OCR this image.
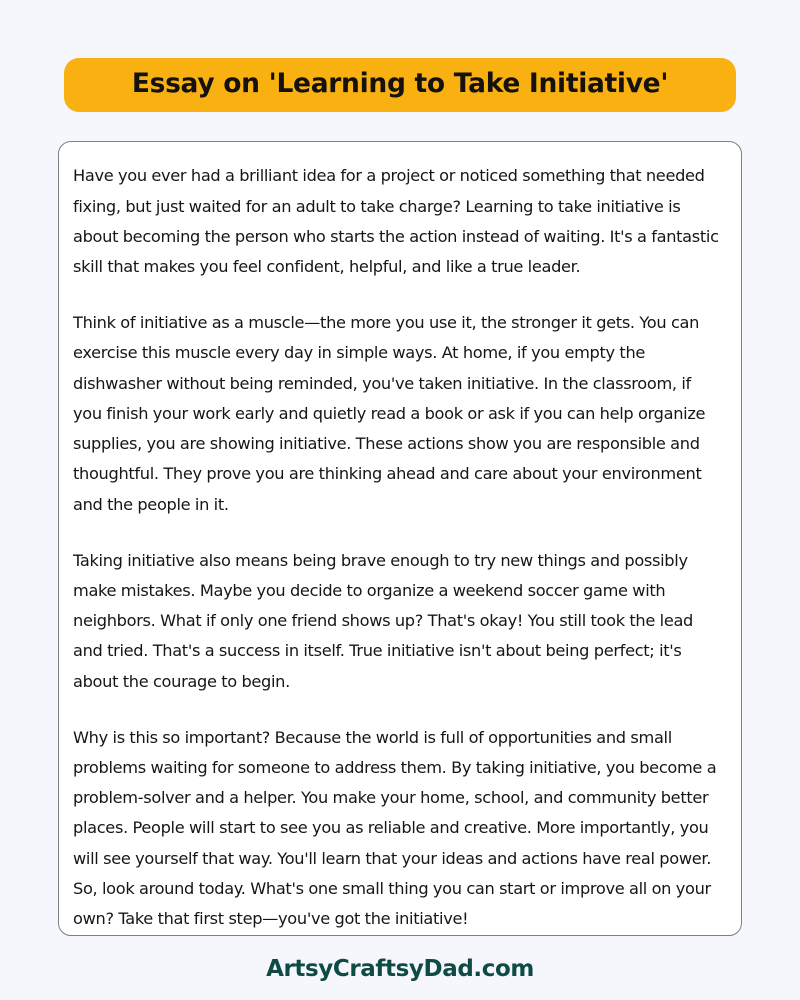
Essay on 'Learning to Take Initiative'

Have you ever had a brilliant idea for a project or noticed something that needed fixing, but just waited for an adult to take charge? Learning to take initiative is about becoming the person who starts the action instead of waiting. It's a fantastic skill that makes you feel confident, helpful, and like a true leader.

Think of initiative as a muscle—the more you use it, the stronger it gets. You can exercise this muscle every day in simple ways. At home, if you empty the dishwasher without being reminded, you've taken initiative. In the classroom, if you finish your work early and quietly read a book or ask if you can help organize supplies, you are showing initiative. These actions show you are responsible and thoughtful. They prove you are thinking ahead and care about your environment and the people in it.

Taking initiative also means being brave enough to try new things and possibly make mistakes. Maybe you decide to organize a weekend soccer game with neighbors. What if only one friend shows up? That's okay! You still took the lead and tried. That's a success in itself. True initiative isn't about being perfect; it's about the courage to begin.

Why is this so important? Because the world is full of opportunities and small problems waiting for someone to address them. By taking initiative, you become a problem-solver and a helper. You make your home, school, and community better places. People will start to see you as reliable and creative. More importantly, you will see yourself that way. You'll learn that your ideas and actions have real power. So, look around today. What's one small thing you can start or improve all on your own? Take that first step—you've got the initiative!

ArtsyCraftsyDad.com
